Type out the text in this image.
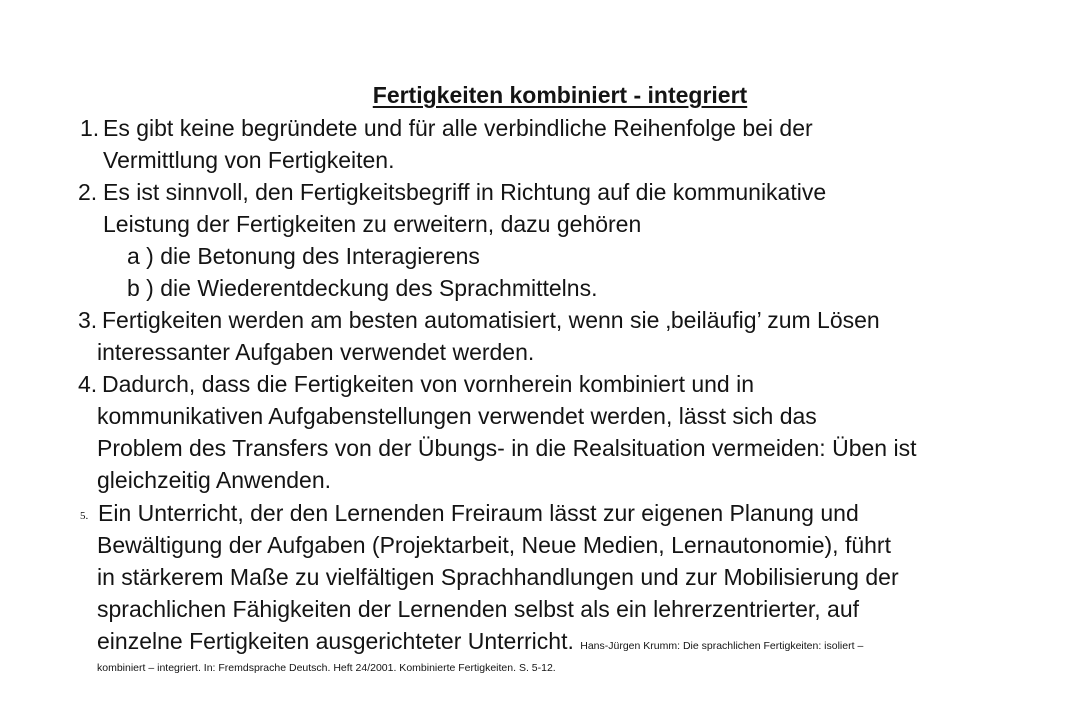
Fertigkeiten kombiniert - integriert
1. Es gibt keine begründete und für alle verbindliche Reihenfolge bei der
Vermittlung von Fertigkeiten.
2. Es ist sinnvoll, den Fertigkeitsbegriff in Richtung auf die kommunikative
Leistung der Fertigkeiten zu erweitern, dazu gehören
a ) die Betonung des Interagierens
b ) die Wiederentdeckung des Sprachmittelns.
3. Fertigkeiten werden am besten automatisiert, wenn sie ‚beiläufig’ zum Lösen
interessanter Aufgaben verwendet werden.
4. Dadurch, dass die Fertigkeiten von vornherein kombiniert und in
kommunikativen Aufgabenstellungen verwendet werden, lässt sich das
Problem des Transfers von der Übungs- in die Realsituation vermeiden: Üben ist
gleichzeitig Anwenden.
5. Ein Unterricht, der den Lernenden Freiraum lässt zur eigenen Planung und
Bewältigung der Aufgaben (Projektarbeit, Neue Medien, Lernautonomie), führt
in stärkerem Maße zu vielfältigen Sprachhandlungen und zur Mobilisierung der
sprachlichen Fähigkeiten der Lernenden selbst als ein lehrerzentrierter, auf
einzelne Fertigkeiten ausgerichteter Unterricht. Hans-Jürgen Krumm: Die sprachlichen Fertigkeiten: isoliert –
kombiniert – integriert. In: Fremdsprache Deutsch. Heft 24/2001. Kombinierte Fertigkeiten. S. 5-12.
